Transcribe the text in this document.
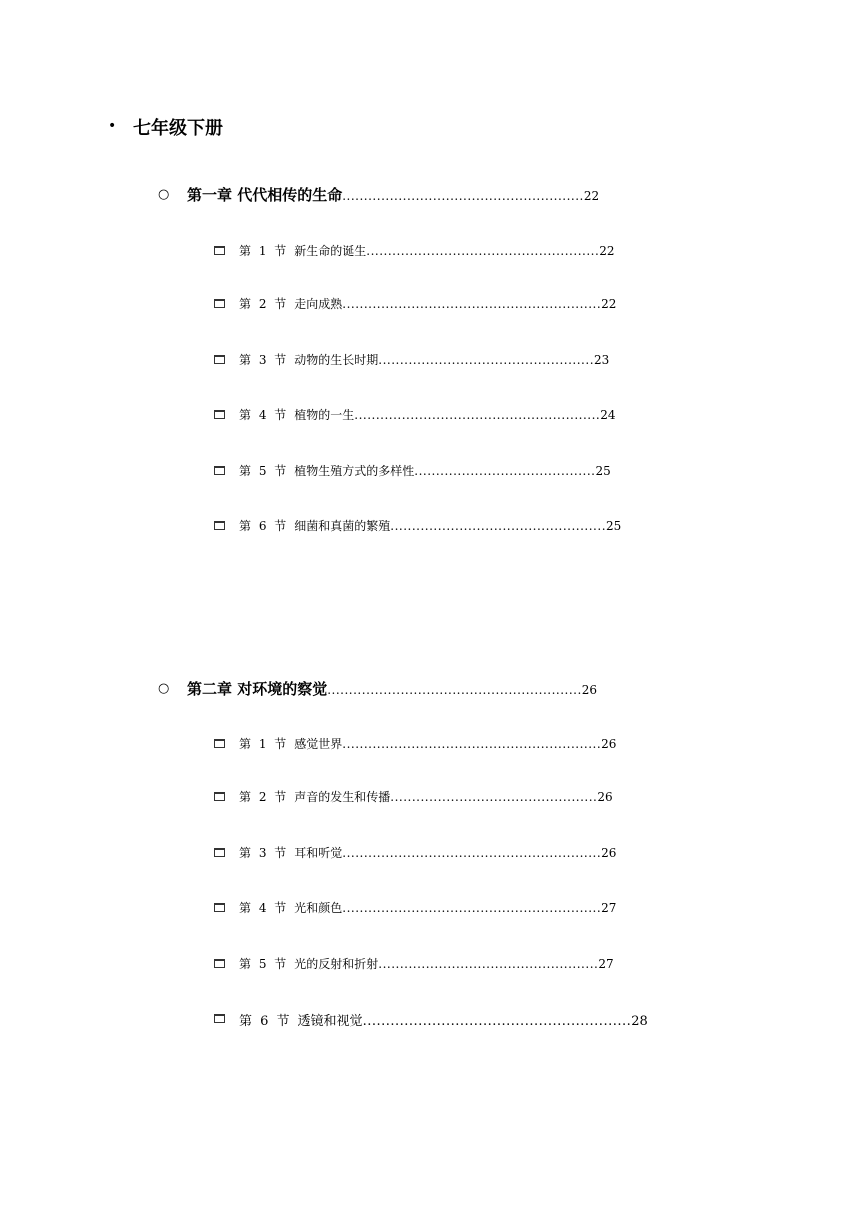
• 七年级下册
○ 第一章 代代相传的生命 ........................................................ 22
第 1 节 新生命的诞生 ...................................................... 22
第 2 节 走向成熟 ............................................................ 22
第 3 节 动物的生长时期 .................................................. 23
第 4 节 植物的一生 ......................................................... 24
第 5 节 植物生殖方式的多样性 .......................................... 25
第 6 节 细菌和真菌的繁殖 .................................................. 25
○ 第二章 对环境的察觉 ........................................................... 26
第 1 节 感觉世界 ............................................................ 26
第 2 节 声音的发生和传播 ................................................ 26
第 3 节 耳和听觉 ............................................................ 26
第 4 节 光和颜色 ............................................................ 27
第 5 节 光的反射和折射 ................................................... 27
第 6 节 透镜和视觉 .......................................................... 28
